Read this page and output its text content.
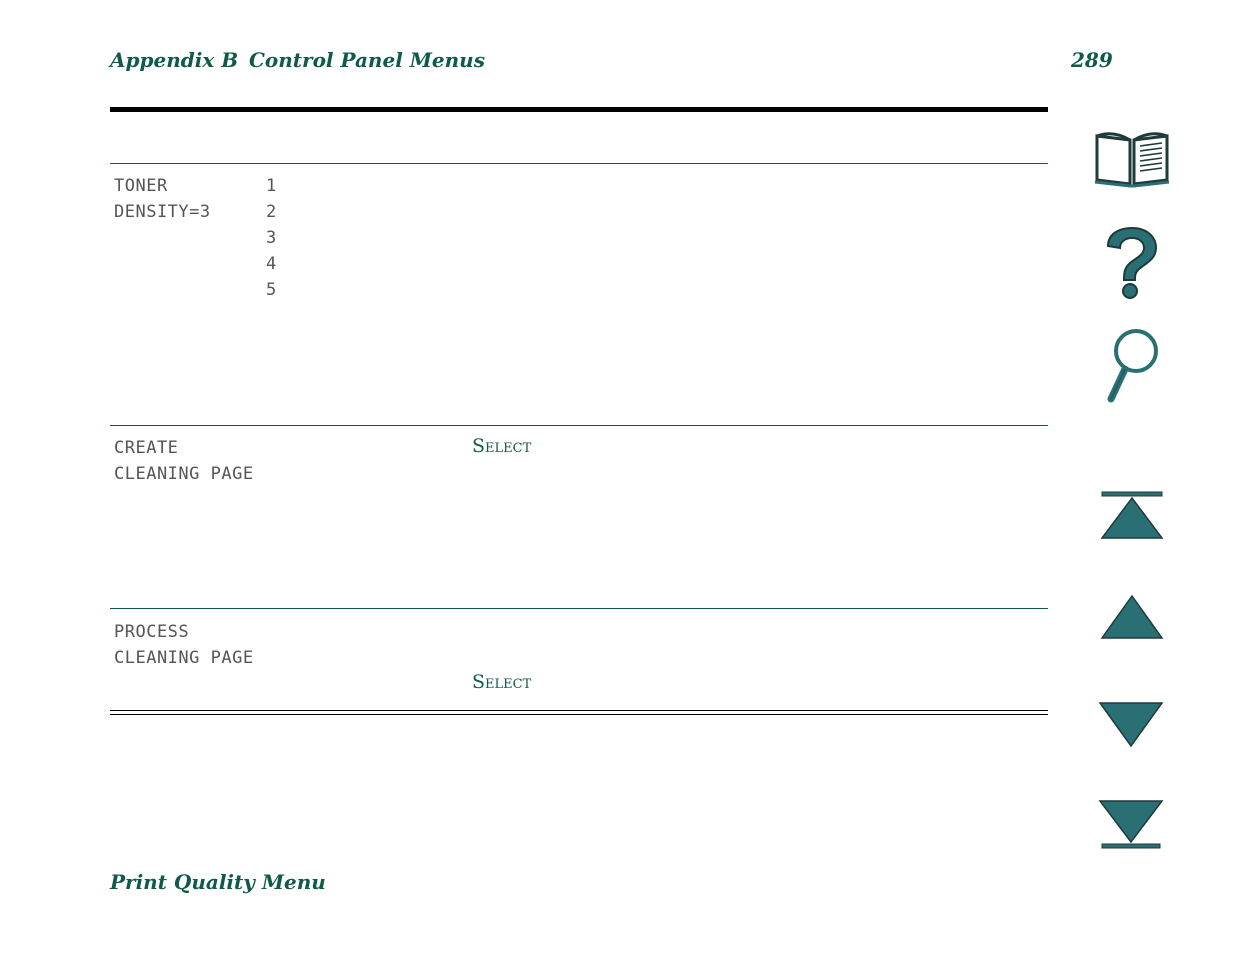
Appendix B Control Panel Menus	289
TONER
DENSITY=3
1
2
3
4
5
CREATE
CLEANING PAGE
Select
PROCESS
CLEANING PAGE
Select
Print Quality Menu
